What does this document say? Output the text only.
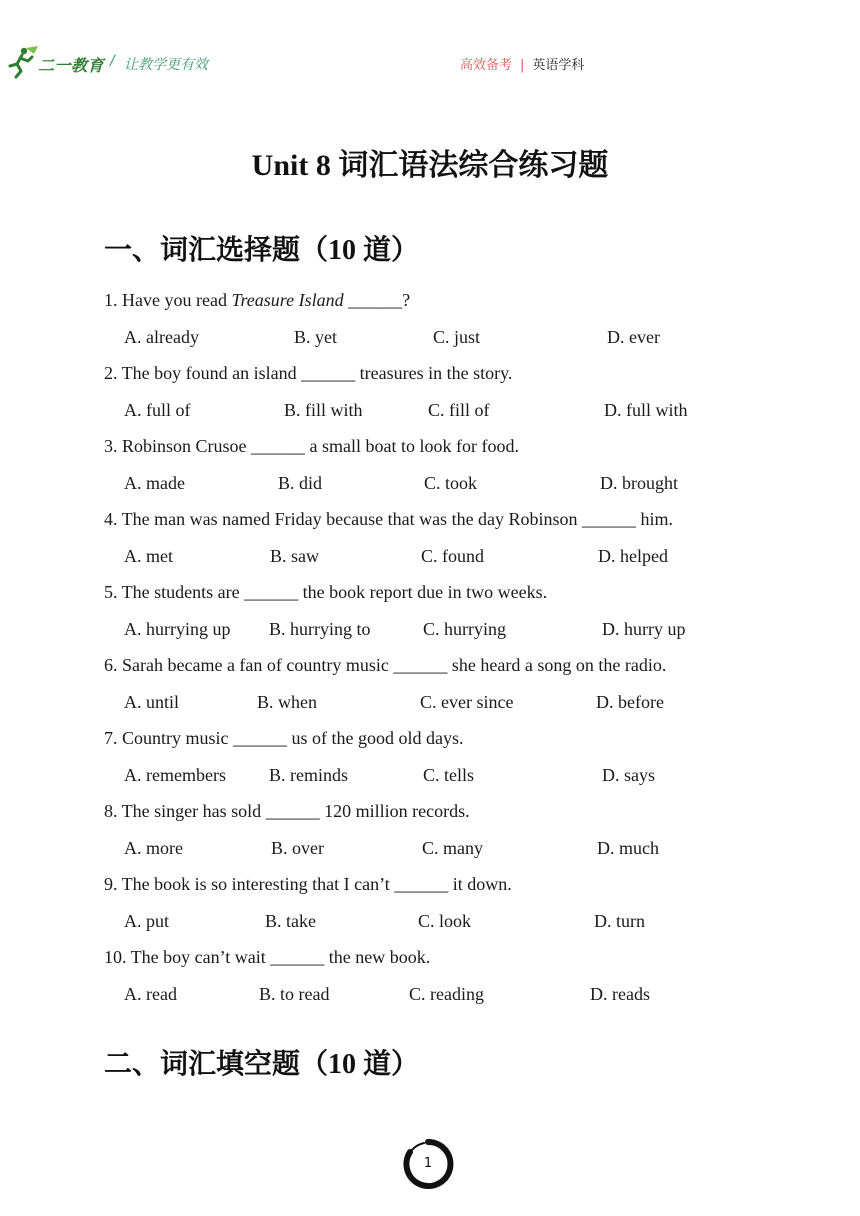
二一教育 / 让教学更有效	高效备考 | 英语学科
Unit 8 词汇语法综合练习题
一、词汇选择题（10 道）
1. Have you read Treasure Island ______?
A. already	B. yet	C. just	D. ever
2. The boy found an island ______ treasures in the story.
A. full of	B. fill with	C. fill of	D. full with
3. Robinson Crusoe ______ a small boat to look for food.
A. made	B. did	C. took	D. brought
4. The man was named Friday because that was the day Robinson ______ him.
A. met	B. saw	C. found	D. helped
5. The students are ______ the book report due in two weeks.
A. hurrying up B. hurrying to	C. hurrying	D. hurry up
6. Sarah became a fan of country music ______ she heard a song on the radio.
A. until	B. when	C. ever since	D. before
7. Country music ______ us of the good old days.
A. remembers B. reminds	C. tells	D. says
8. The singer has sold ______ 120 million records.
A. more	B. over	C. many	D. much
9. The book is so interesting that I can’t ______ it down.
A. put	B. take	C. look	D. turn
10. The boy can’t wait ______ the new book.
A. read	B. to read	C. reading	D. reads
二、词汇填空题（10 道）
1
